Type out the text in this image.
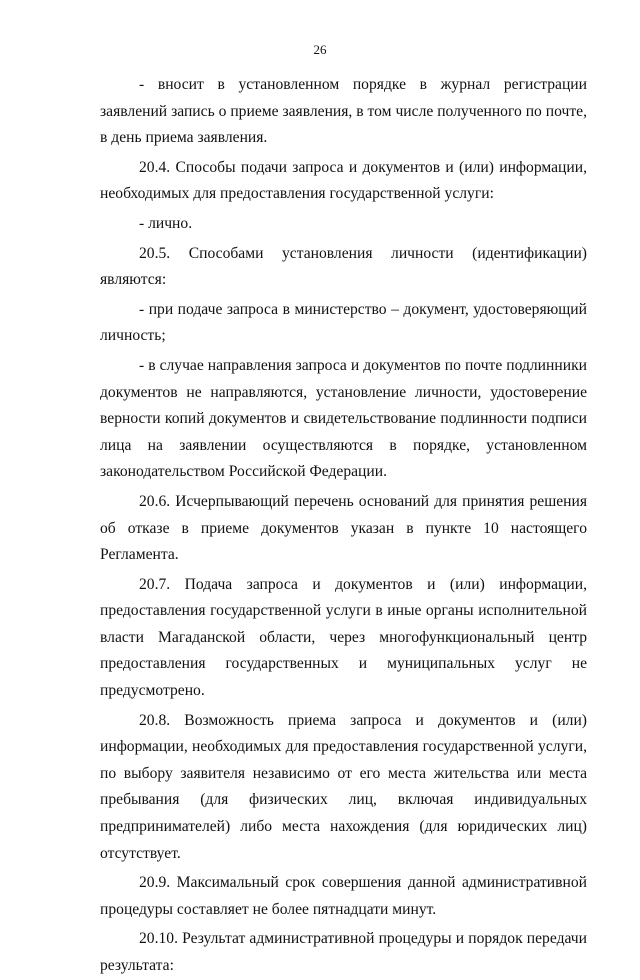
26

- вносит в установленном порядке в журнал регистрации заявлений запись о приеме заявления, в том числе полученного по почте, в день приема заявления.

20.4. Способы подачи запроса и документов и (или) информации, необходимых для предоставления государственной услуги:

- лично.

20.5. Способами установления личности (идентификации) являются:

- при подаче запроса в министерство – документ, удостоверяющий личность;

- в случае направления запроса и документов по почте подлинники документов не направляются, установление личности, удостоверение верности копий документов и свидетельствование подлинности подписи лица на заявлении осуществляются в порядке, установленном законодательством Российской Федерации.

20.6. Исчерпывающий перечень оснований для принятия решения об отказе в приеме документов указан в пункте 10 настоящего Регламента.

20.7. Подача запроса и документов и (или) информации, предоставления государственной услуги в иные органы исполнительной власти Магаданской области, через многофункциональный центр предоставления государственных и муниципальных услуг не предусмотрено.

20.8. Возможность приема запроса и документов и (или) информации, необходимых для предоставления государственной услуги, по выбору заявителя независимо от его места жительства или места пребывания (для физических лиц, включая индивидуальных предпринимателей) либо места нахождения (для юридических лиц) отсутствует.

20.9. Максимальный срок совершения данной административной процедуры составляет не более пятнадцати минут.

20.10. Результат административной процедуры и порядок передачи результата:
